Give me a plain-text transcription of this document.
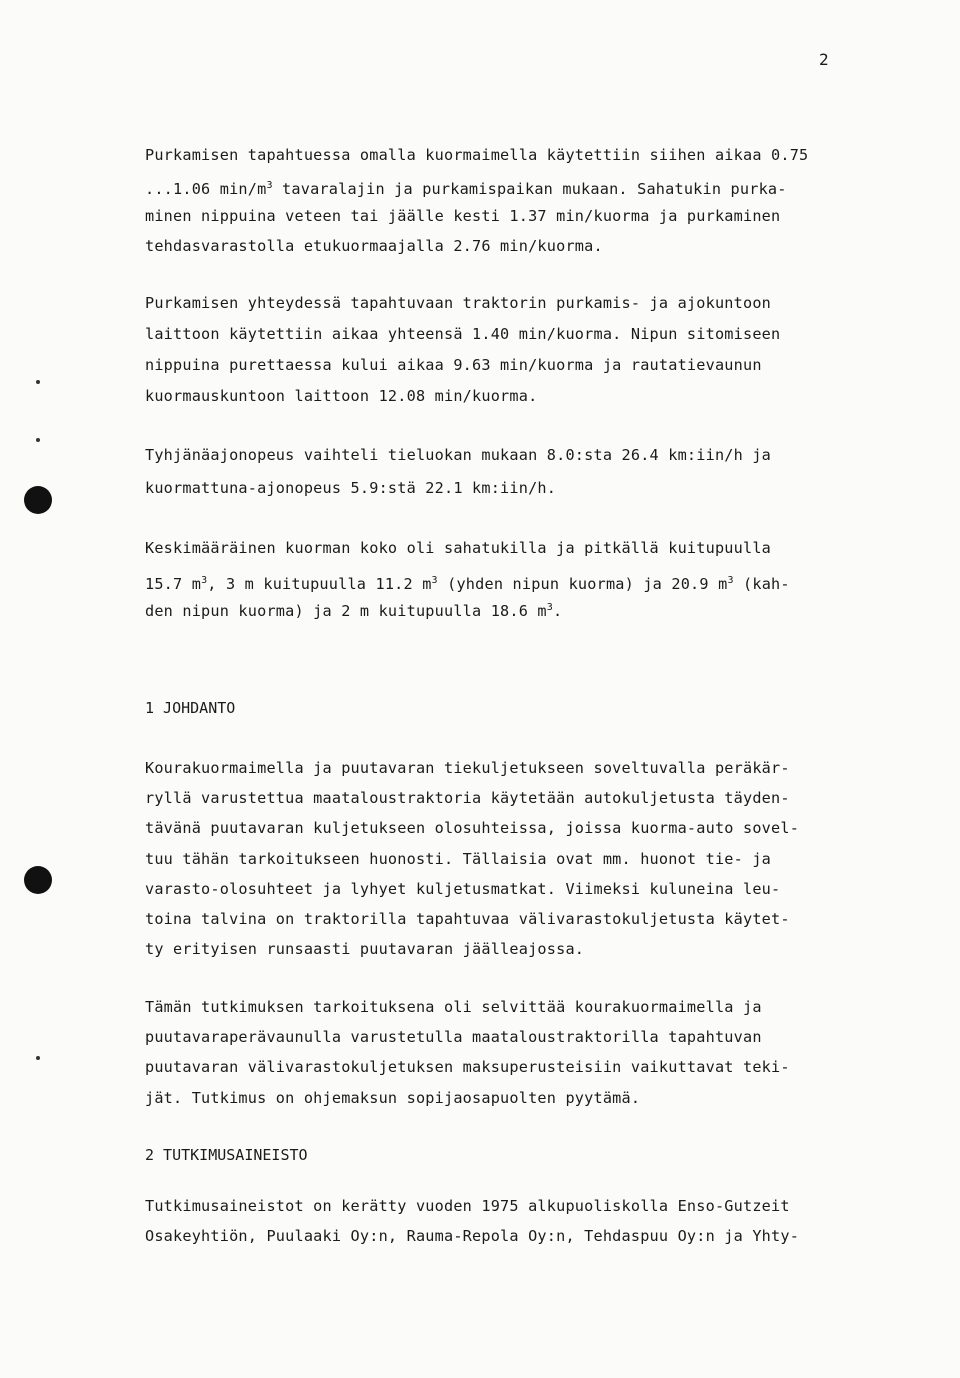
2
Purkamisen tapahtuessa omalla kuormaimella käytettiin siihen aikaa 0.75
...1.06 $\min/m^3$ tavaralajin ja purkamispaikan mukaan. Sahatukin purka-
minen nippuina veteen tai jäälle kesti 1.37 min/kuorma ja purkaminen
tehdasvarastolla etukuormaajalla 2.76 min/kuorma.
Purkamisen yhteydessä tapahtuvaan traktorin purkamis- ja ajokuntoon
laittoon käytettiin aikaa yhteensä 1.40 min/kuorma. Nipun sitomiseen
nippuina purettaessa kului aikaa 9.63 min/kuorma ja rautatievaunun
kuormauskuntoon laittoon 12.08 min/kuorma.
Tyhjänäajonopeus vaihteli tieluokan mukaan 8.0:sta 26.4 km:iin/h ja
kuormattuna-ajonopeus 5.9:stä 22.1 km:iin/h.
Keskimääräinen kuorman koko oli sahatukilla ja pitkällä kuitupuulla
15.7 $m^3$, 3 m kuitupuulla 11.2 $m^3$ (yhden nipun kuorma) ja 20.9 $m^3$ (kah-
den nipun kuorma) ja 2 m kuitupuulla 18.6 $m^3$.
Kourakuormaimella ja puutavaran tiekuljetukseen soveltuvalla peräkär-
ryllä varustettua maataloustraktoria käytetään autokuljetusta täyden-
tävänä puutavaran kuljetukseen olosuhteissa, joissa kuorma-auto sovel-
tuu tähän tarkoitukseen huonosti. Tällaisia ovat mm. huonot tie- ja
varasto-olosuhteet ja lyhyet kuljetusmatkat. Viimeksi kuluneina leu-
toina talvina on traktorilla tapahtuvaa välivarastokuljetusta käytet-
ty erityisen runsaasti puutavaran jäälleajossa.
Tämän tutkimuksen tarkoituksena oli selvittää kourakuormaimella ja
puutavaraperävaunulla varustetulla maataloustraktorilla tapahtuvan
puutavaran välivarastokuljetuksen maksuperusteisiin vaikuttavat teki-
jät. Tutkimus on ohjemaksun sopijaosapuolten pyytämä.
Tutkimusaineistot on kerätty vuoden 1975 alkupuoliskolla Enso-Gutzeit
Osakeyhtiön, Puulaaki Oy:n, Rauma-Repola Oy:n, Tehdaspuu Oy:n ja Yhty-
1 JOHDANTO
2 TUTKIMUSAINEISTO
